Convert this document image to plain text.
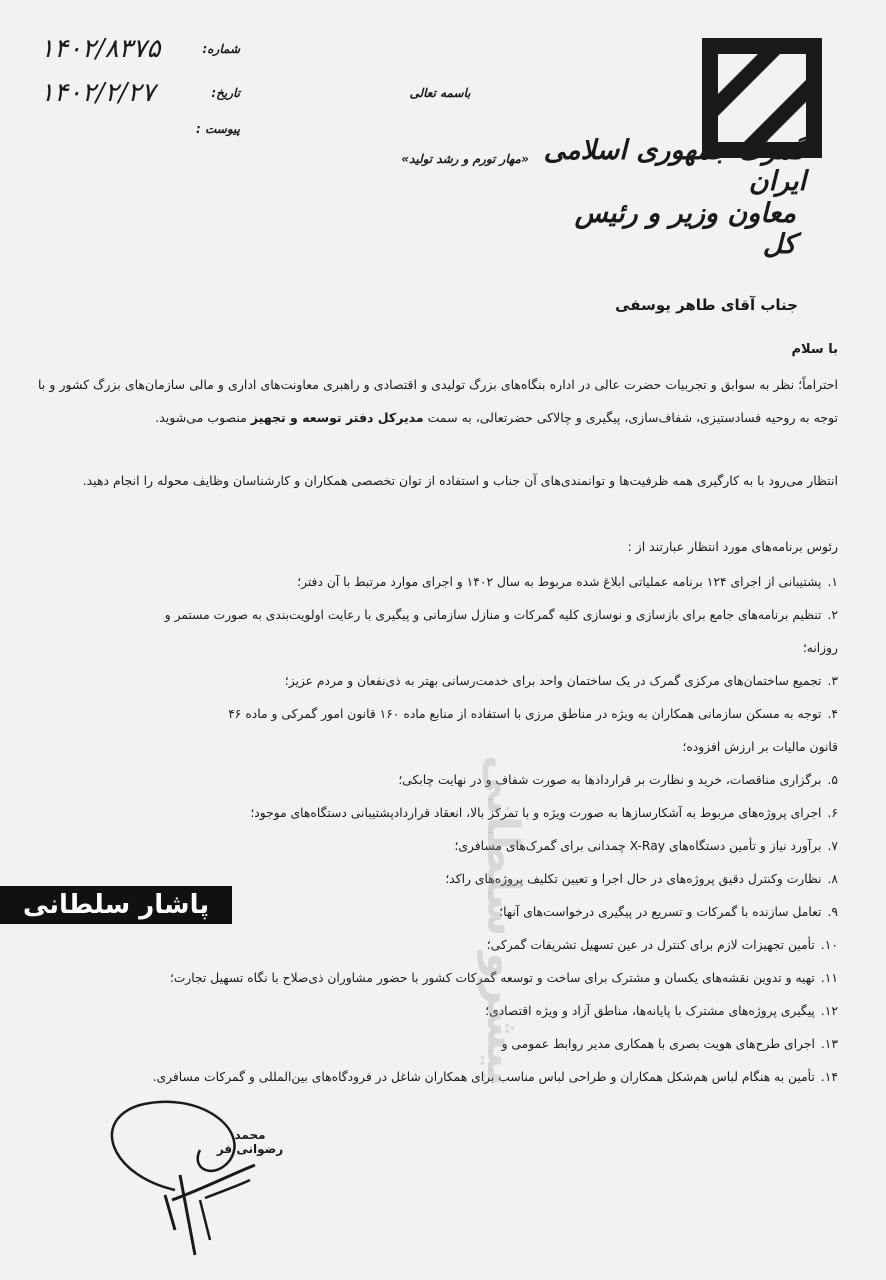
گمرک جمهوری اسلامی ایران
معاون وزیر و رئیس کل
باسمه تعالی
«مهار تورم و رشد تولید»
۱۴۰۲/۸۳۷۵	شماره:
۱۴۰۲/۲/۲۷	تاریخ:
پیوست :
جناب آقای طاهر یوسفی
با سلام
احتراماً؛ نظر به سوابق و تجربیات حضرت عالی در اداره بنگاه‌های بزرگ تولیدی و اقتصادی و راهبری معاونت‌های اداری و مالی سازمان‌های بزرگ کشور و با توجه به روحیه فسادستیزی، شفاف‌سازی، پیگیری و چالاکی حضرتعالی، به سمت مدیرکل دفتر توسعه و تجهیز منصوب می‌شوید.
انتظار می‌رود با به کارگیری همه ظرفیت‌ها و توانمندی‌های آن جناب و استفاده از توان تخصصی همکاران و کارشناسان وظایف محوله را انجام دهید.
رئوس برنامه‌های مورد انتظار عبارتند از :
۱.پشتیبانی از اجرای ۱۲۴ برنامه عملیاتی ابلاغ شده مربوط به سال ۱۴۰۲ و اجرای موارد مرتبط با آن دفتر؛
۲.تنظیم برنامه‌های جامع برای بازسازی و نوسازی کلیه گمرکات و منازل سازمانی و پیگیری با رعایت اولویت‌بندی به صورت مستمر و
روزانه؛
۳.تجمیع ساختمان‌های مرکزی گمرک در یک ساختمان واحد برای خدمت‌رسانی بهتر به ذی‌نفعان و مردم عزیز؛
۴.توجه به مسکن سازمانی همکاران به ویژه در مناطق مرزی با استفاده از منابع ماده ۱۶۰ قانون امور گمرکی و ماده ۴۶
قانون مالیات بر ارزش افزوده؛
۵.برگزاری مناقصات، خرید و نظارت بر قراردادها به صورت شفاف و در نهایت چابکی؛
۶.اجرای پروژه‌های مربوط به آشکارسازها به صورت ویژه و با تمرکز بالا، انعقاد قراردادپشتیبانی دستگاه‌های موجود؛
۷.برآورد نیاز و تأمین دستگاه‌های X-Ray چمدانی برای گمرک‌های مسافری؛
۸.نظارت وکنترل دقیق پروژه‌های در حال اجرا و تعیین تکلیف پروژه‌های راکد؛
۹.تعامل سازنده با گمرکات و تسریع در پیگیری درخواست‌های آنها؛
۱۰.تأمین تجهیزات لازم برای کنترل در عین تسهیل تشریفات گمرکی؛
۱۱.تهیه و تدوین نقشه‌های یکسان و مشترک برای ساخت و توسعه گمرکات کشور با حضور مشاوران ذی‌صلاح با نگاه تسهیل تجارت؛
۱۲.پیگیری پروژه‌های مشترک با پایانه‌ها، مناطق آزاد و ویژه اقتصادی؛
۱۳.اجرای طرح‌های هویت بصری با همکاری مدیر روابط عمومی و
۱۴.تأمین به هنگام لباس هم‌شکل همکاران و طراحی لباس مناسب برای همکاران شاغل در فرودگاه‌های بین‌المللی و گمرکات مسافری.
پیشرو سلطانی
پاشار سلطانی
محمد رضوانی فر
